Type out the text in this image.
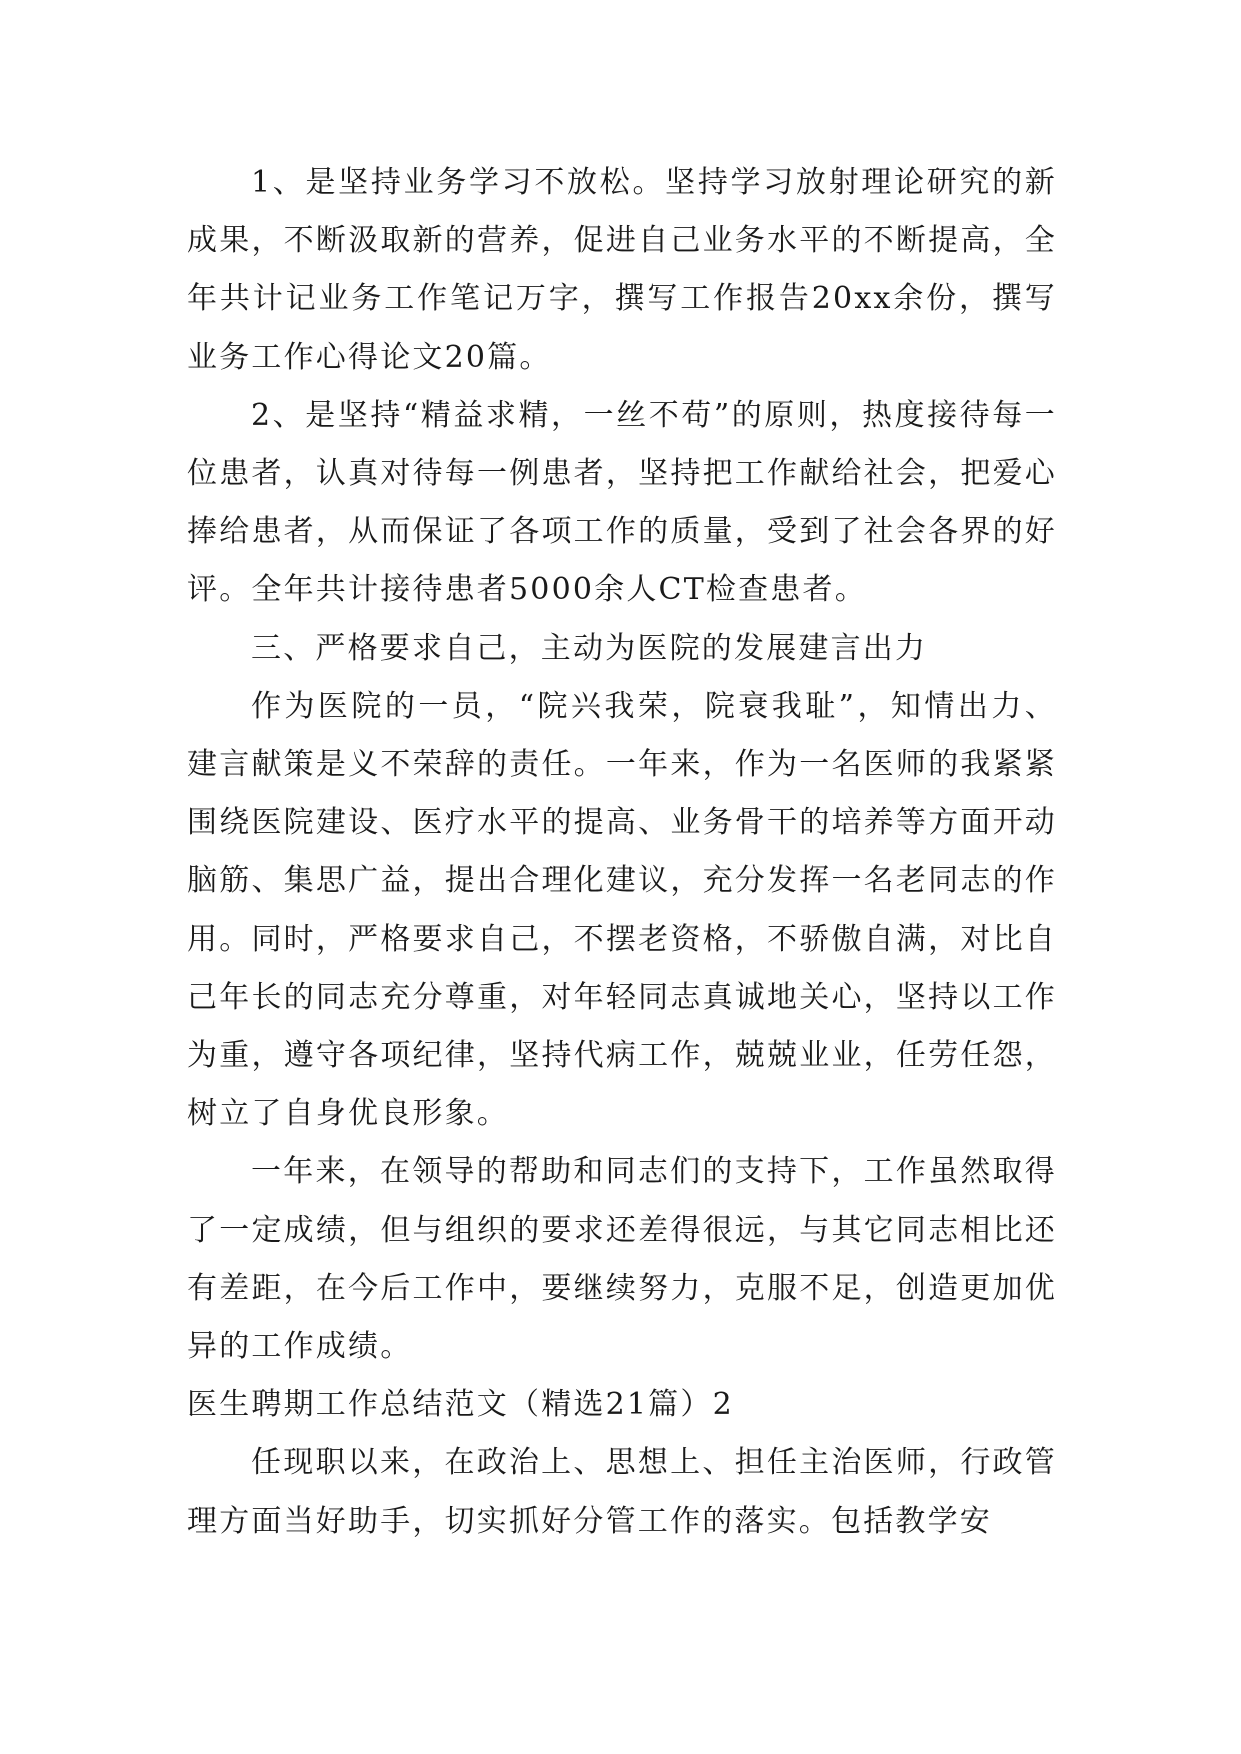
1、是坚持业务学习不放松。坚持学习放射理论研究的新成果，不断汲取新的营养，促进自己业务水平的不断提高，全年共计记业务工作笔记万字，撰写工作报告20xx余份，撰写业务工作心得论文20篇。

2、是坚持“精益求精，一丝不苟”的原则，热度接待每一位患者，认真对待每一例患者，坚持把工作献给社会，把爱心捧给患者，从而保证了各项工作的质量，受到了社会各界的好评。全年共计接待患者5000余人CT检查患者。

三、严格要求自己，主动为医院的发展建言出力

作为医院的一员，“院兴我荣，院衰我耻”，知情出力、建言献策是义不荣辞的责任。一年来，作为一名医师的我紧紧围绕医院建设、医疗水平的提高、业务骨干的培养等方面开动脑筋、集思广益，提出合理化建议，充分发挥一名老同志的作用。同时，严格要求自己，不摆老资格，不骄傲自满，对比自己年长的同志充分尊重，对年轻同志真诚地关心，坚持以工作为重，遵守各项纪律，坚持代病工作，兢兢业业，任劳任怨，树立了自身优良形象。

一年来，在领导的帮助和同志们的支持下，工作虽然取得了一定成绩，但与组织的要求还差得很远，与其它同志相比还有差距，在今后工作中，要继续努力，克服不足，创造更加优异的工作成绩。

医生聘期工作总结范文（精选21篇）2

任现职以来，在政治上、思想上、担任主治医师，行政管理方面当好助手，切实抓好分管工作的落实。包括教学安
